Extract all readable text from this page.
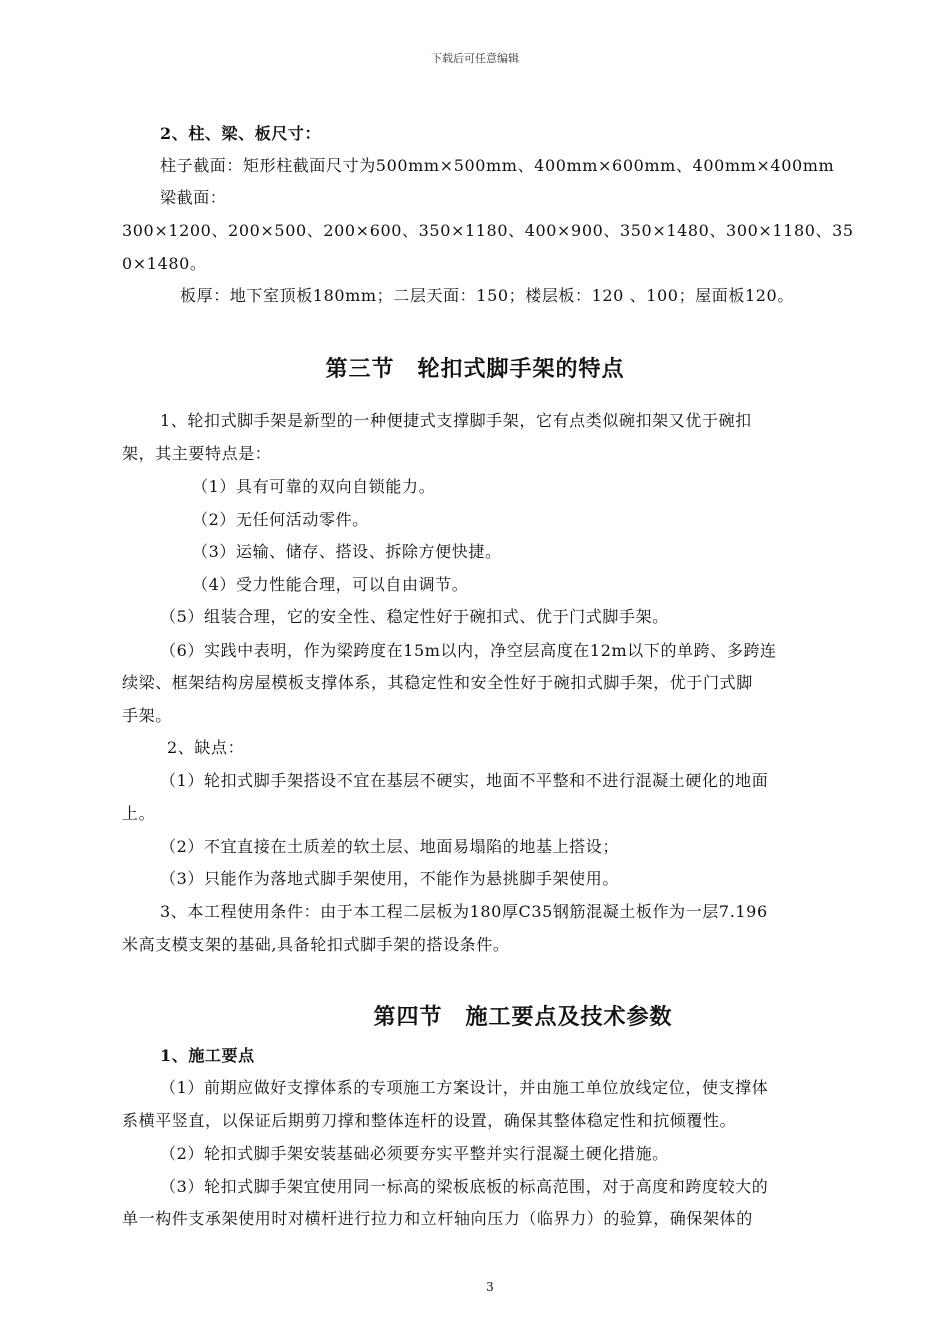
下载后可任意编辑
2、柱、梁、板尺寸：
柱子截面：矩形柱截面尺寸为500mm×500mm、400mm×600mm、400mm×400mm
梁截面：
300×1200、200×500、200×600、350×1180、400×900、350×1480、300×1180、35
0×1480。
板厚：地下室顶板180mm；二层天面：150；楼层板：120 、100；屋面板120。
第三节　轮扣式脚手架的特点
1、轮扣式脚手架是新型的一种便捷式支撑脚手架，它有点类似碗扣架又优于碗扣
架，其主要特点是：
（1）具有可靠的双向自锁能力。
（2）无任何活动零件。
（3）运输、储存、搭设、拆除方便快捷。
（4）受力性能合理，可以自由调节。
（5）组装合理，它的安全性、稳定性好于碗扣式、优于门式脚手架。
（6）实践中表明，作为梁跨度在15m以内，净空层高度在12m以下的单跨、多跨连
续梁、框架结构房屋模板支撑体系，其稳定性和安全性好于碗扣式脚手架，优于门式脚
手架。
2、缺点：
（1）轮扣式脚手架搭设不宜在基层不硬实，地面不平整和不进行混凝土硬化的地面
上。
（2）不宜直接在土质差的软土层、地面易塌陷的地基上搭设；
（3）只能作为落地式脚手架使用，不能作为悬挑脚手架使用。
3、本工程使用条件：由于本工程二层板为180厚C35钢筋混凝土板作为一层7.196
米高支模支架的基础,具备轮扣式脚手架的搭设条件。
第四节　施工要点及技术参数
1、施工要点
（1）前期应做好支撑体系的专项施工方案设计，并由施工单位放线定位，使支撑体
系横平竖直，以保证后期剪刀撑和整体连杆的设置，确保其整体稳定性和抗倾覆性。
（2）轮扣式脚手架安装基础必须要夯实平整并实行混凝土硬化措施。
（3）轮扣式脚手架宜使用同一标高的梁板底板的标高范围，对于高度和跨度较大的
单一构件支承架使用时对横杆进行拉力和立杆轴向压力（临界力）的验算，确保架体的
3
